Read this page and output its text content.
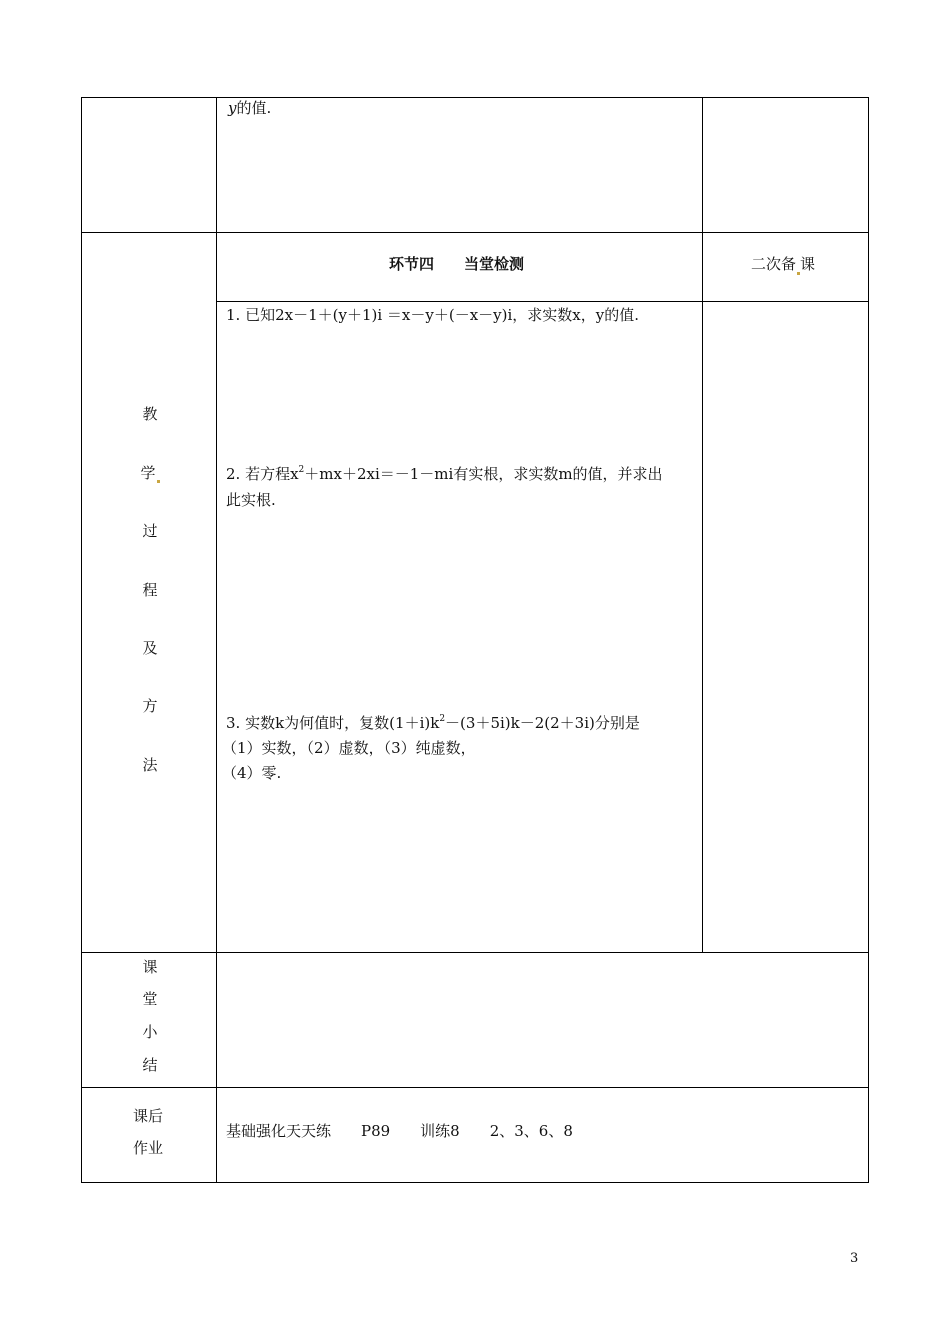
y的值.
环节四　　当堂检测	二次备 课
教
学
过
程
及
方
法
1. 已知2x－1＋(y＋1)i ＝x－y＋(－x－y)i，求实数x，y的值.
2. 若方程$x^2+mx+2xi=-1-mi$有实根，求实数m的值，并求出
此实根.
3. 实数k为何值时，复数$(1+i)k^2-(3+5i)k-2(2+3i)$分别是
（1）实数，（2）虚数，（3）纯虚数，
（4）零.
课
堂
小
结
课后
作业
基础强化天天练　　P89　　训练8　　2、3、6、8
3
